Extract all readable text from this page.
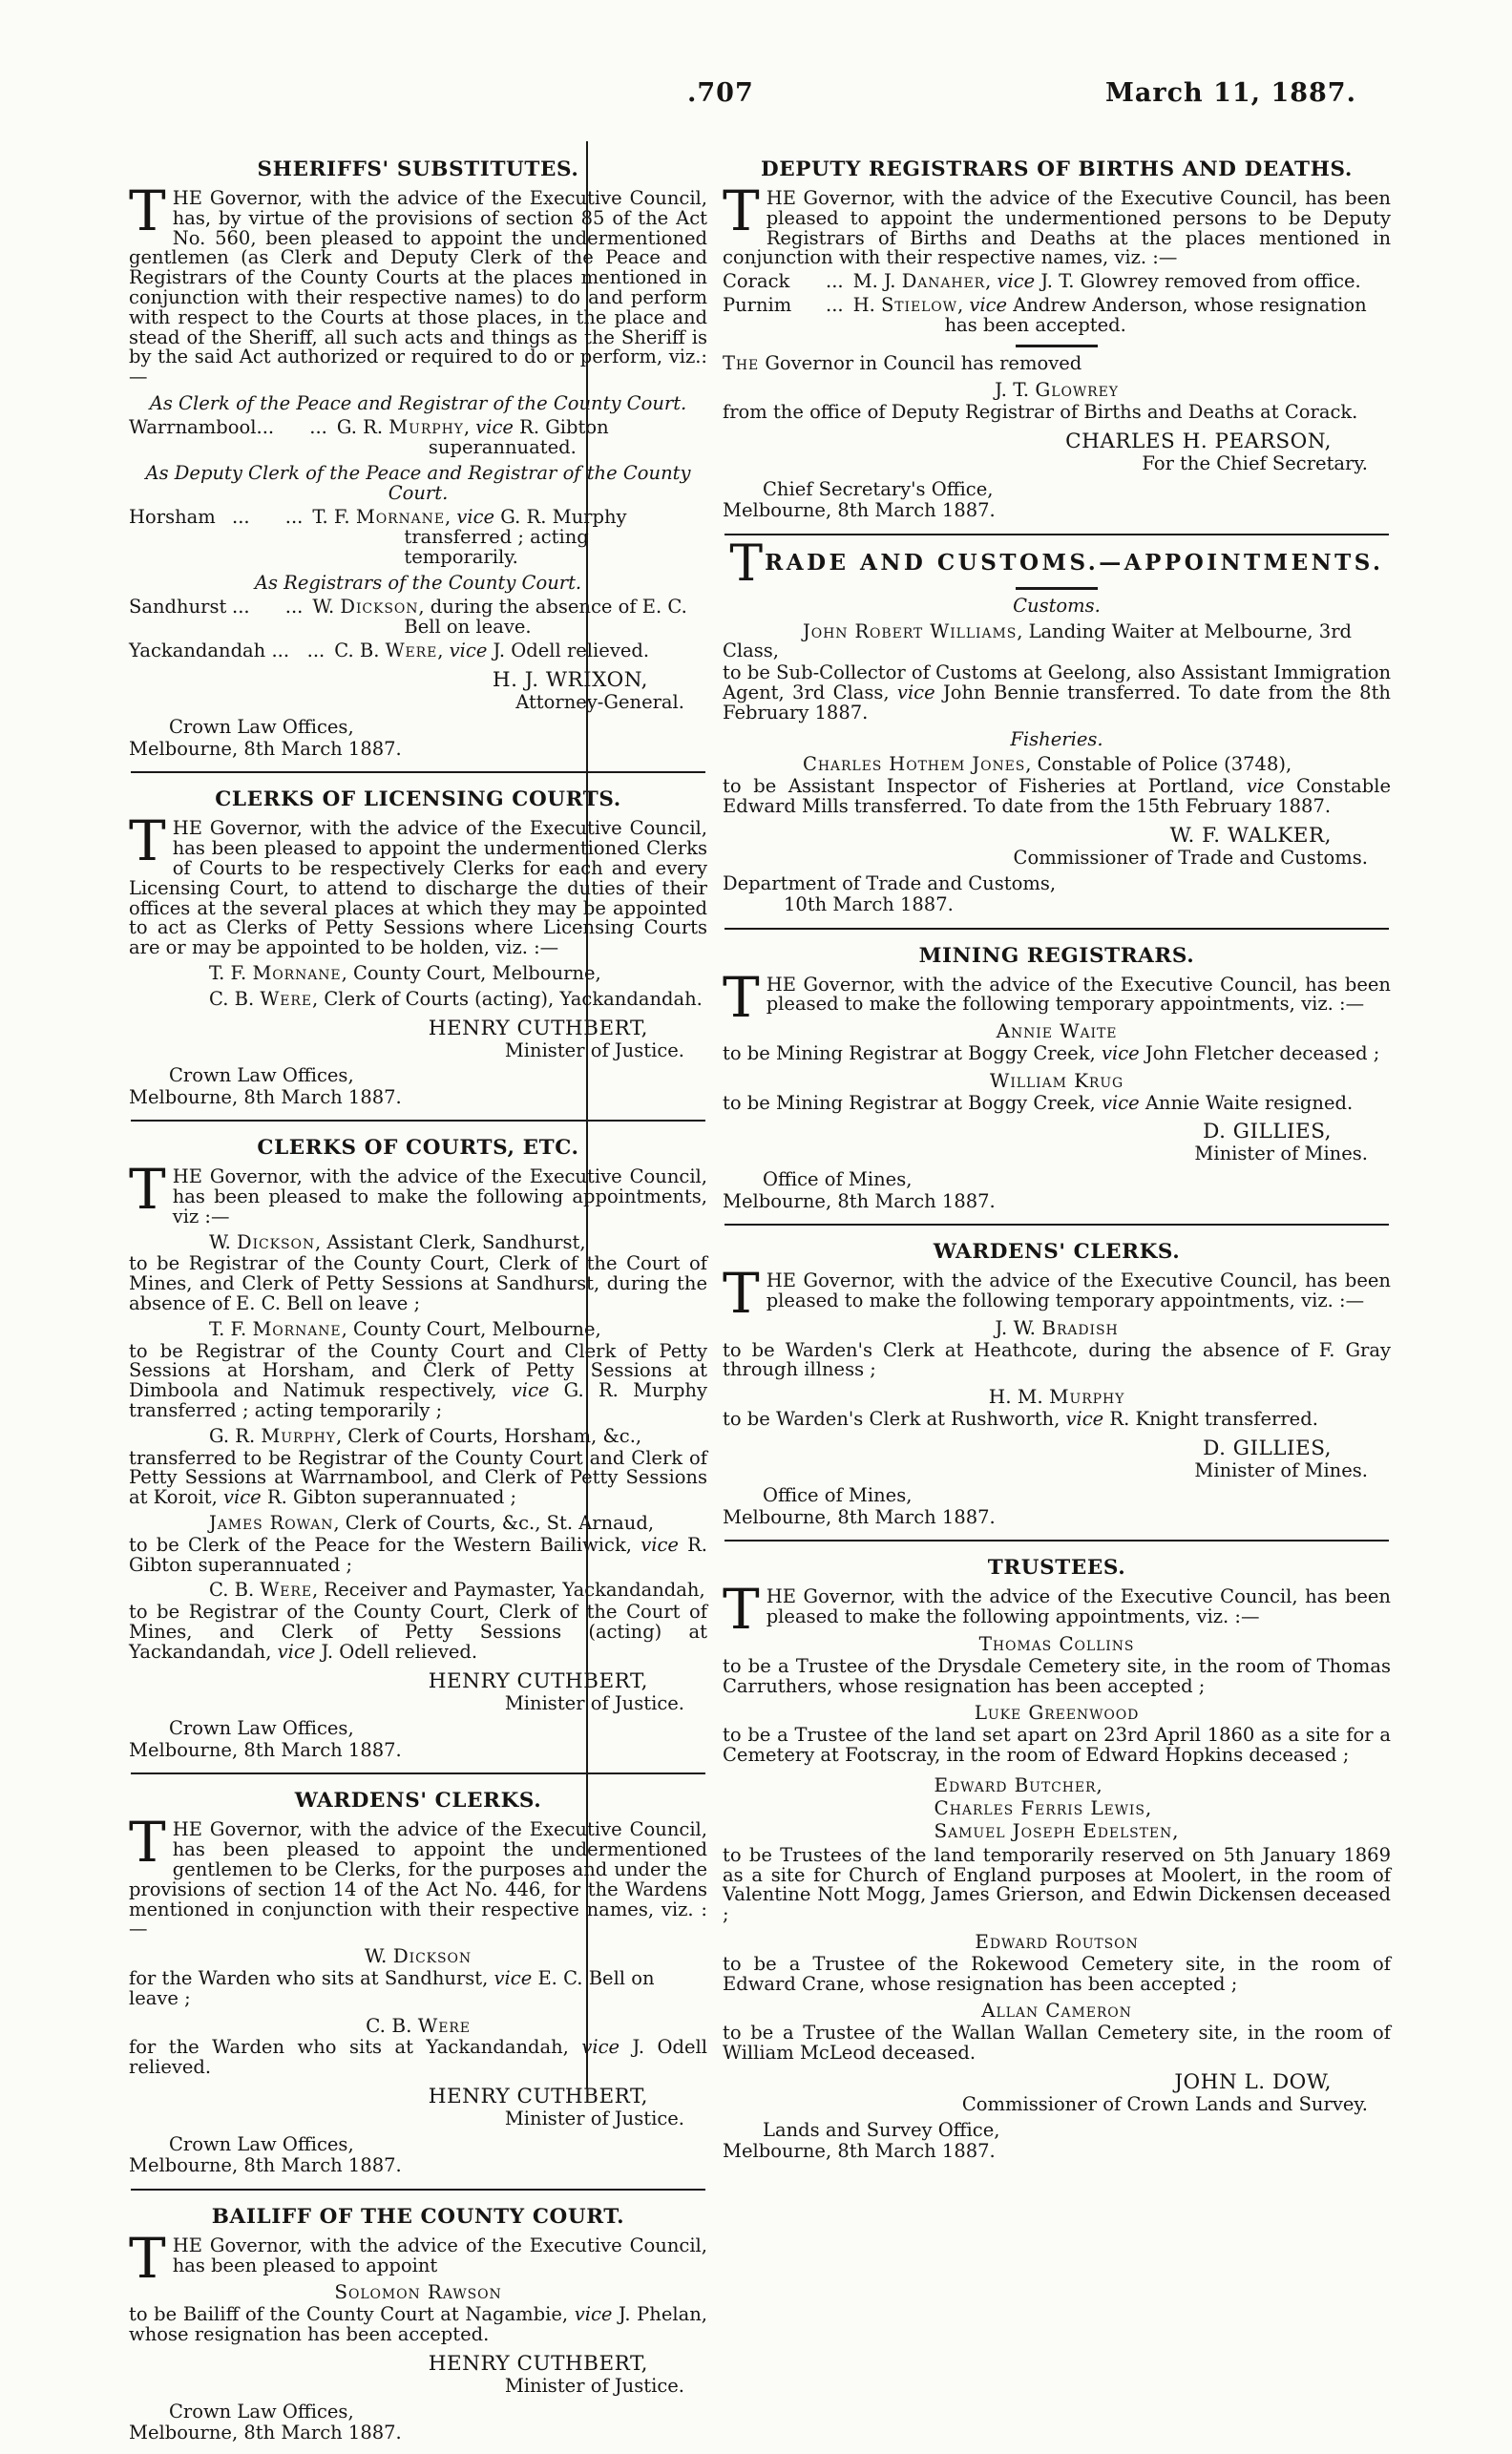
.707	March 11, 1887.
SHERIFFS' SUBSTITUTES.

THE Governor, with the advice of the Executive Council, has, by virtue of the provisions of section 85 of the Act No. 560, been pleased to appoint the undermentioned gentlemen (as Clerk and Deputy Clerk of the Peace and Registrars of the County Courts at the places mentioned in conjunction with their respective names) to do and perform with respect to the Courts at those places, in the place and stead of the Sheriff, all such acts and things as the Sheriff is by the said Act authorized or required to do or perform, viz.:—

As Clerk of the Peace and Registrar of the County Court.
Warrnambool ...      ... G. R. Murphy, vice R. Gibton superannuated.
As Deputy Clerk of the Peace and Registrar of the County Court.
Horsham ...      ... T. F. Mornane, vice G. R. Murphy transferred ; acting temporarily.
As Registrars of the County Court.
Sandhurst ...      ... W. Dickson, during the absence of E. C. Bell on leave.
Yackandandah ...   ... C. B. Were, vice J. Odell relieved.
H. J. WRIXON,
Attorney-General.
Crown Law Offices,
Melbourne, 8th March 1887.
CLERKS OF LICENSING COURTS.

THE Governor, with the advice of the Executive Council, has been pleased to appoint the undermentioned Clerks of Courts to be respectively Clerks for each and every Licensing Court, to attend to discharge the duties of their offices at the several places at which they may be appointed to act as Clerks of Petty Sessions where Licensing Courts are or may be appointed to be holden, viz. :—

T. F. Mornane, County Court, Melbourne,

C. B. Were, Clerk of Courts (acting), Yackandandah.

HENRY CUTHBERT,
Minister of Justice.
Crown Law Offices,
Melbourne, 8th March 1887.
CLERKS OF COURTS, ETC.

THE Governor, with the advice of the Executive Council, has been pleased to make the following appointments, viz :—

W. Dickson, Assistant Clerk, Sandhurst,

to be Registrar of the County Court, Clerk of the Court of Mines, and Clerk of Petty Sessions at Sandhurst, during the absence of E. C. Bell on leave ;

T. F. Mornane, County Court, Melbourne,

to be Registrar of the County Court and Clerk of Petty Sessions at Horsham, and Clerk of Petty Sessions at Dimboola and Natimuk respectively, vice G. R. Murphy transferred ; acting temporarily ;

G. R. Murphy, Clerk of Courts, Horsham, &c.,

transferred to be Registrar of the County Court and Clerk of Petty Sessions at Warrnambool, and Clerk of Petty Sessions at Koroit, vice R. Gibton superannuated ;

James Rowan, Clerk of Courts, &c., St. Arnaud,

to be Clerk of the Peace for the Western Bailiwick, vice R. Gibton superannuated ;

C. B. Were, Receiver and Paymaster, Yackandandah,

to be Registrar of the County Court, Clerk of the Court of Mines, and Clerk of Petty Sessions (acting) at Yackandandah, vice J. Odell relieved.

HENRY CUTHBERT,
Minister of Justice.
Crown Law Offices,
Melbourne, 8th March 1887.
WARDENS' CLERKS.

THE Governor, with the advice of the Executive Council, has been pleased to appoint the undermentioned gentlemen to be Clerks, for the purposes and under the provisions of section 14 of the Act No. 446, for the Wardens mentioned in conjunction with their respective names, viz. :—

W. Dickson

for the Warden who sits at Sandhurst, vice E. C. Bell on leave ;

C. B. Were

for the Warden who sits at Yackandandah, vice J. Odell relieved.

HENRY CUTHBERT,
Minister of Justice.
Crown Law Offices,
Melbourne, 8th March 1887.
BAILIFF OF THE COUNTY COURT.

THE Governor, with the advice of the Executive Council, has been pleased to appoint

Solomon Rawson

to be Bailiff of the County Court at Nagambie, vice J. Phelan, whose resignation has been accepted.

HENRY CUTHBERT,
Minister of Justice.
Crown Law Offices,
Melbourne, 8th March 1887.
DEPUTY REGISTRARS OF BIRTHS AND DEATHS.

THE Governor, with the advice of the Executive Council, has been pleased to appoint the undermentioned persons to be Deputy Registrars of Births and Deaths at the places mentioned in conjunction with their respective names, viz. :—

Corack	... M. J. Danaher, vice J. T. Glowrey removed from office.
Purnim	... H. Stielow, vice Andrew Anderson, whose resignation has been accepted.

The Governor in Council has removed

J. T. Glowrey

from the office of Deputy Registrar of Births and Deaths at Corack.

CHARLES H. PEARSON,
For the Chief Secretary.
Chief Secretary's Office,
Melbourne, 8th March 1887.
TRADE AND CUSTOMS.—APPOINTMENTS.
Customs.

John Robert Williams, Landing Waiter at Melbourne, 3rd Class,

to be Sub-Collector of Customs at Geelong, also Assistant Immigration Agent, 3rd Class, vice John Bennie transferred. To date from the 8th February 1887.

Fisheries.

Charles Hothem Jones, Constable of Police (3748),

to be Assistant Inspector of Fisheries at Portland, vice Constable Edward Mills transferred. To date from the 15th February 1887.

W. F. WALKER,
Commissioner of Trade and Customs.
Department of Trade and Customs,
10th March 1887.
MINING REGISTRARS.

THE Governor, with the advice of the Executive Council, has been pleased to make the following temporary appointments, viz. :—

Annie Waite

to be Mining Registrar at Boggy Creek, vice John Fletcher deceased ;

William Krug

to be Mining Registrar at Boggy Creek, vice Annie Waite resigned.

D. GILLIES,
Minister of Mines.
Office of Mines,
Melbourne, 8th March 1887.
WARDENS' CLERKS.

THE Governor, with the advice of the Executive Council, has been pleased to make the following temporary appointments, viz. :—

J. W. Bradish

to be Warden's Clerk at Heathcote, during the absence of F. Gray through illness ;

H. M. Murphy

to be Warden's Clerk at Rushworth, vice R. Knight transferred.

D. GILLIES,
Minister of Mines.
Office of Mines,
Melbourne, 8th March 1887.
TRUSTEES.

THE Governor, with the advice of the Executive Council, has been pleased to make the following appointments, viz. :—

Thomas Collins

to be a Trustee of the Drysdale Cemetery site, in the room of Thomas Carruthers, whose resignation has been accepted ;

Luke Greenwood

to be a Trustee of the land set apart on 23rd April 1860 as a site for a Cemetery at Footscray, in the room of Edward Hopkins deceased ;

Edward Butcher,
Charles Ferris Lewis,
Samuel Joseph Edelsten,

to be Trustees of the land temporarily reserved on 5th January 1869 as a site for Church of England purposes at Moolert, in the room of Valentine Nott Mogg, James Grierson, and Edwin Dickensen deceased ;

Edward Routson

to be a Trustee of the Rokewood Cemetery site, in the room of Edward Crane, whose resignation has been accepted ;

Allan Cameron

to be a Trustee of the Wallan Wallan Cemetery site, in the room of William McLeod deceased.

JOHN L. DOW,
Commissioner of Crown Lands and Survey.
Lands and Survey Office,
Melbourne, 8th March 1887.
